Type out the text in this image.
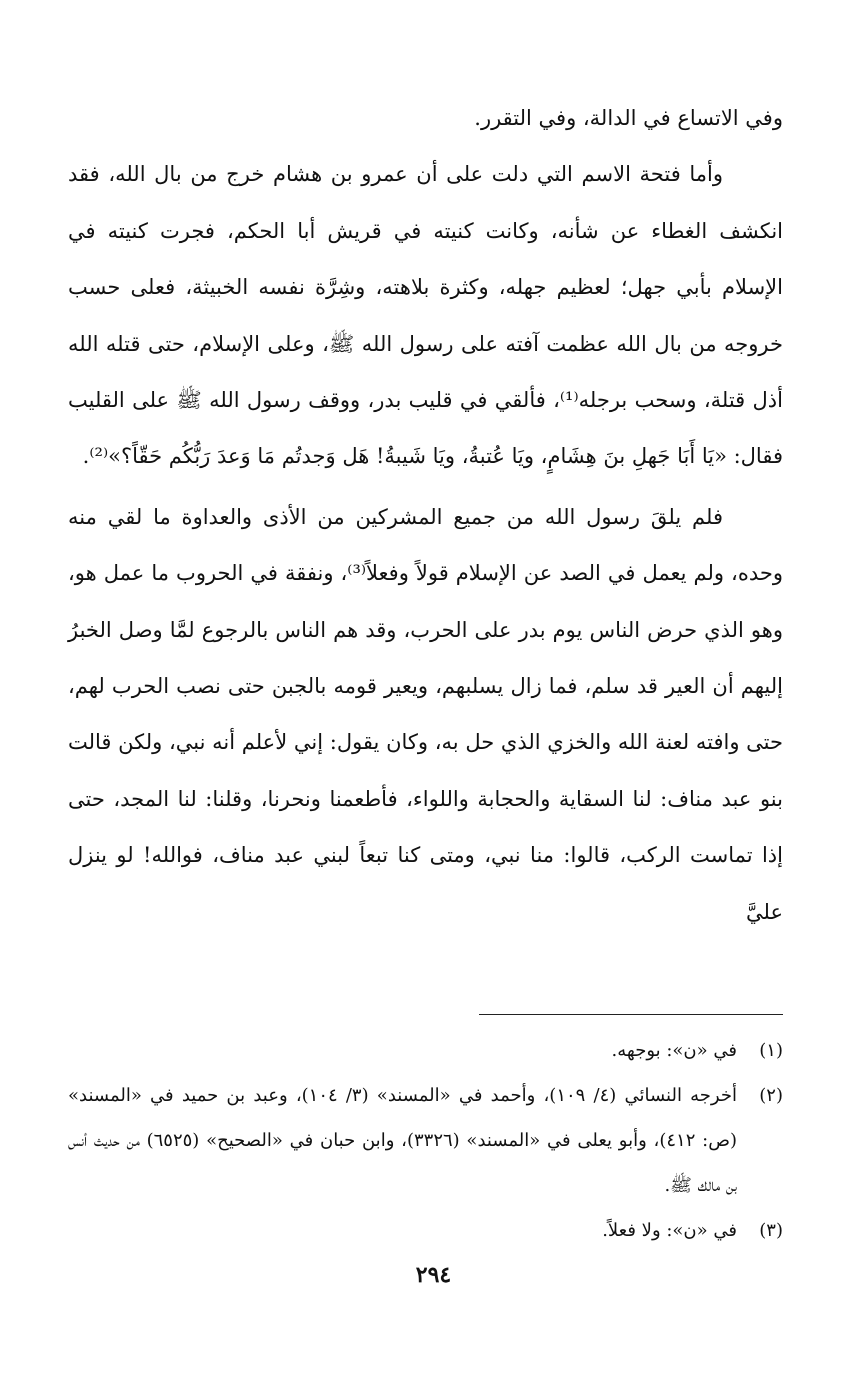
وفي الاتساع في الدالة، وفي التقرر.

وأما فتحة الاسم التي دلت على أن عمرو بن هشام خرج من بال الله، فقد انكشف الغطاء عن شأنه، وكانت كنيته في قريش أبا الحكم، فجرت كنيته في الإسلام بأبي جهل؛ لعظيم جهله، وكثرة بلاهته، وشِرَّة نفسه الخبيثة، فعلى حسب خروجه من بال الله عظمت آفته على رسول الله ﷺ، وعلى الإسلام، حتى قتله الله أذل قتلة، وسحب برجله⁽¹⁾، فألقي في قليب بدر، ووقف رسول الله ﷺ على القليب فقال: «يَا أَبَا جَهلِ بنَ هِشَامٍ، ويَا عُتبةُ، ويَا شَيبةُ! هَل وَجدتُم مَا وَعدَ رَبُّكُم حَقّاً؟»⁽²⁾.

فلم يلقَ رسول الله من جميع المشركين من الأذى والعداوة ما لقي منه وحده، ولم يعمل في الصد عن الإسلام قولاً وفعلاً⁽³⁾، ونفقة في الحروب ما عمل هو، وهو الذي حرض الناس يوم بدر على الحرب، وقد هم الناس بالرجوع لمَّا وصل الخبرُ إليهم أن العير قد سلم، فما زال يسلبهم، ويعير قومه بالجبن حتى نصب الحرب لهم، حتى وافته لعنة الله والخزي الذي حل به، وكان يقول: إني لأعلم أنه نبي، ولكن قالت بنو عبد مناف: لنا السقاية والحجابة واللواء، فأطعمنا ونحرنا، وقلنا: لنا المجد، حتى إذا تماست الركب، قالوا: منا نبي، ومتى كنا تبعاً لبني عبد مناف، فوالله! لو ينزل عليَّ

(١)
في «ن»: بوجهه.
(٢)
أخرجه النسائي (٤/ ١٠٩)، وأحمد في «المسند» (٣/ ١٠٤)، وعبد بن حميد في «المسند» (ص: ٤١٢)، وأبو يعلى في «المسند» (٣٣٢٦)، وابن حبان في «الصحيح» (٦٥٢٥) من حديث أنس بن مالك ﷺ.
(٣)
في «ن»: ولا فعلاً.
٢٩٤
